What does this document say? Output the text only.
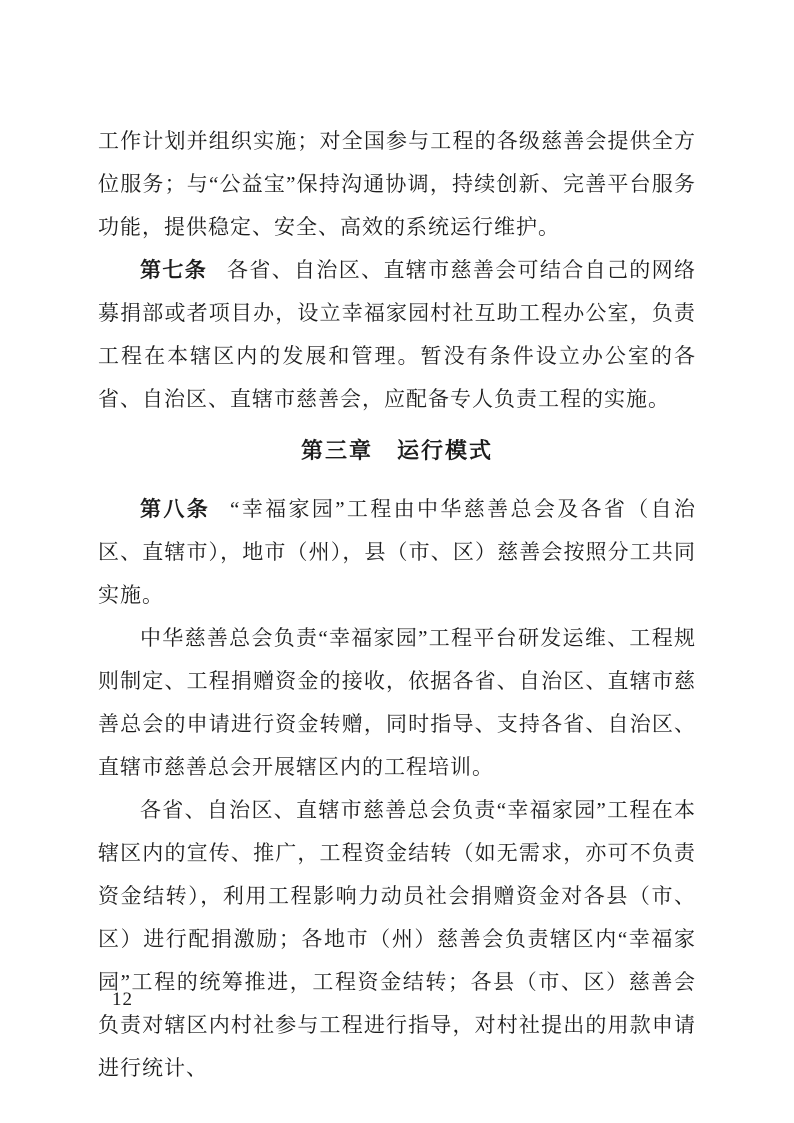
工作计划并组织实施；对全国参与工程的各级慈善会提供全方位服务；与“公益宝”保持沟通协调，持续创新、完善平台服务功能，提供稳定、安全、高效的系统运行维护。

第七条 各省、自治区、直辖市慈善会可结合自己的网络募捐部或者项目办，设立幸福家园村社互助工程办公室，负责工程在本辖区内的发展和管理。暂没有条件设立办公室的各省、自治区、直辖市慈善会，应配备专人负责工程的实施。

第三章　运行模式

第八条 “幸福家园”工程由中华慈善总会及各省（自治区、直辖市），地市（州），县（市、区）慈善会按照分工共同实施。

中华慈善总会负责“幸福家园”工程平台研发运维、工程规则制定、工程捐赠资金的接收，依据各省、自治区、直辖市慈善总会的申请进行资金转赠，同时指导、支持各省、自治区、直辖市慈善总会开展辖区内的工程培训。

各省、自治区、直辖市慈善总会负责“幸福家园”工程在本辖区内的宣传、推广，工程资金结转（如无需求，亦可不负责资金结转），利用工程影响力动员社会捐赠资金对各县（市、区）进行配捐激励；各地市（州）慈善会负责辖区内“幸福家园”工程的统筹推进，工程资金结转；各县（市、区）慈善会负责对辖区内村社参与工程进行指导，对村社提出的用款申请进行统计、

12
